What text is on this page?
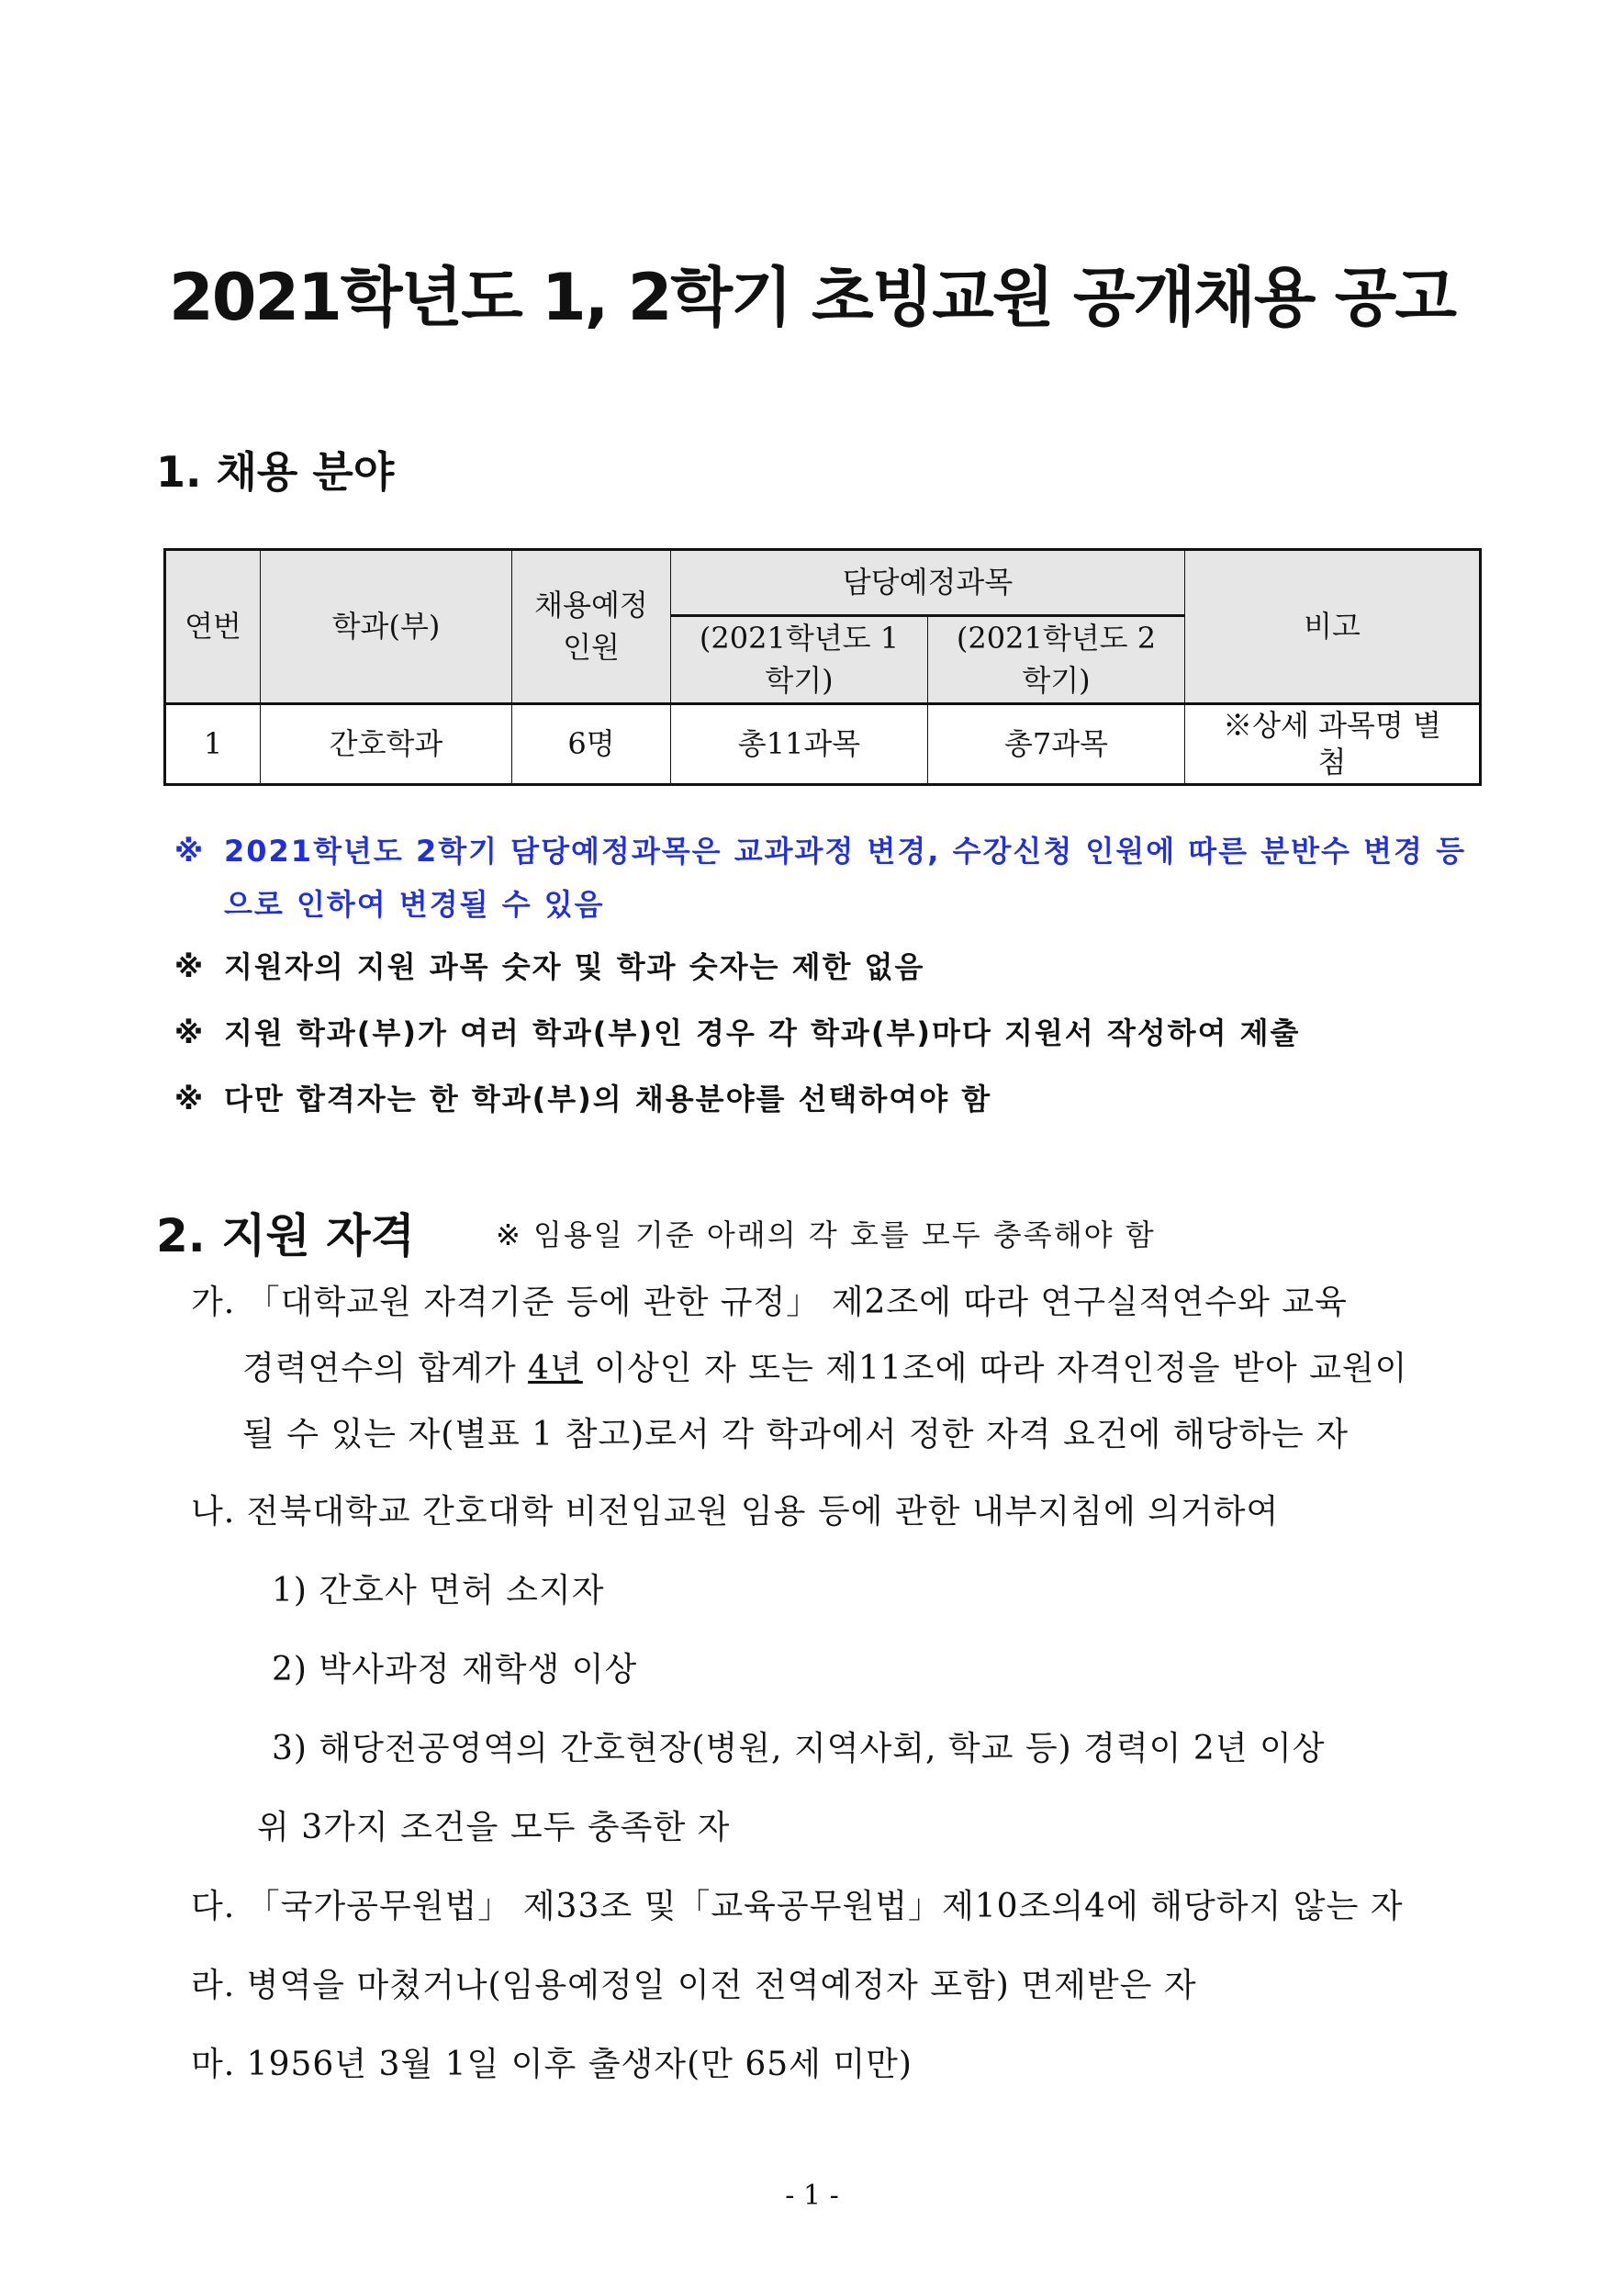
2021학년도 1, 2학기 초빙교원 공개채용 공고
1. 채용 분야
연번	학과(부)	채용예정인원	담당예정과목		비고
			(2021학년도 1학기)	(2021학년도 2학기)	
1	간호학과	6명	총11과목	총7과목	※상세 과목명 별첨
※ 2021학년도 2학기 담당예정과목은 교과과정 변경, 수강신청 인원에 따른 분반수 변경 등으로 인하여 변경될 수 있음
※ 지원자의 지원 과목 숫자 및 학과 숫자는 제한 없음
※ 지원 학과(부)가 여러 학과(부)인 경우 각 학과(부)마다 지원서 작성하여 제출
※ 다만 합격자는 한 학과(부)의 채용분야를 선택하여야 함
2. 지원 자격	※ 임용일 기준 아래의 각 호를 모두 충족해야 함
가. 「대학교원 자격기준 등에 관한 규정」 제2조에 따라 연구실적연수와 교육
경력연수의 합계가 4년 이상인 자 또는 제11조에 따라 자격인정을 받아 교원이
될 수 있는 자(별표 1 참고)로서 각 학과에서 정한 자격 요건에 해당하는 자
나. 전북대학교 간호대학 비전임교원 임용 등에 관한 내부지침에 의거하여
1) 간호사 면허 소지자
2) 박사과정 재학생 이상
3) 해당전공영역의 간호현장(병원, 지역사회, 학교 등) 경력이 2년 이상
위 3가지 조건을 모두 충족한 자
다. 「국가공무원법」 제33조 및「교육공무원법」제10조의4에 해당하지 않는 자
라. 병역을 마쳤거나(임용예정일 이전 전역예정자 포함) 면제받은 자
마. 1956년 3월 1일 이후 출생자(만 65세 미만)
- 1 -
